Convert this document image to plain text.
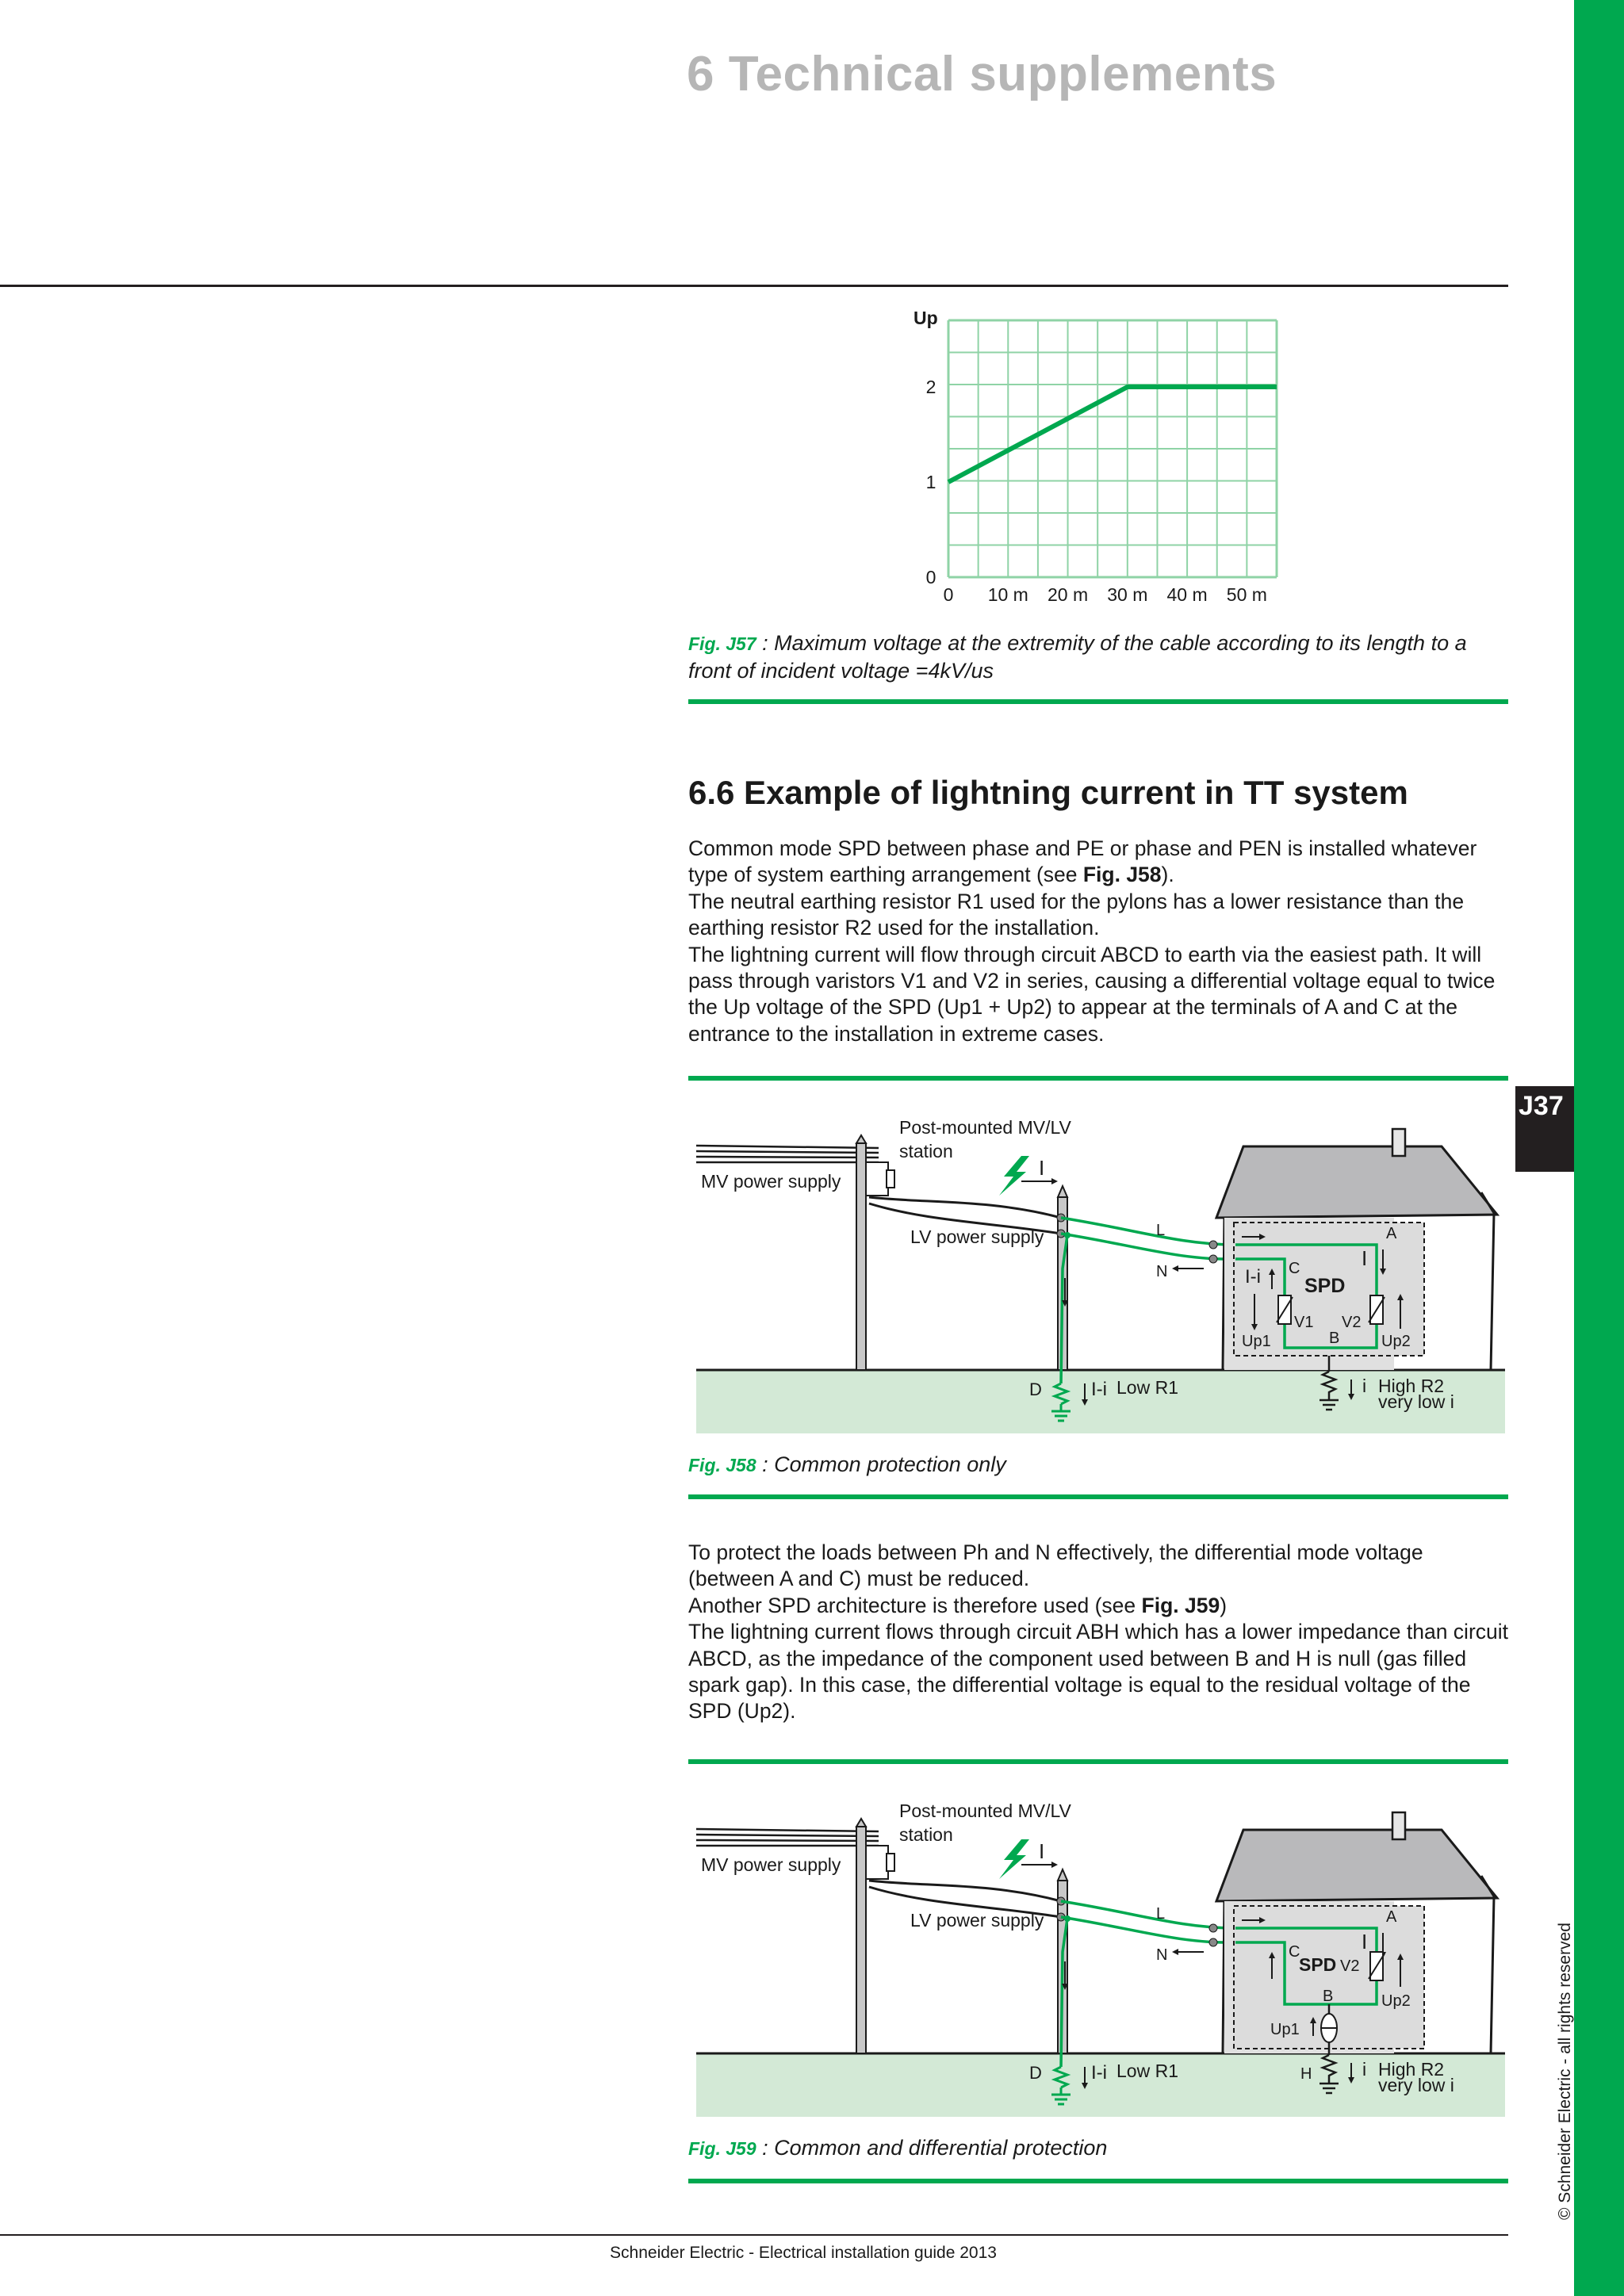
J37
6 Technical supplements
0 10 m 20 m 30 m 40 m 50 m
0
1
2
Up
Fig. J57 : Maximum voltage at the extremity of the cable according to its length to a front of incident voltage =4kV/us
6.6 Example of lightning current in TT system

Common mode SPD between phase and PE or phase and PEN is installed whatever type of system earthing arrangement (see Fig. J58).

The neutral earthing resistor R1 used for the pylons has a lower resistance than the earthing resistor R2 used for the installation.

The lightning current will flow through circuit ABCD to earth via the easiest path. It will pass through varistors V1 and V2 in series, causing a differential voltage equal to twice the Up voltage of the SPD (Up1 + Up2) to appear at the terminals of A and C at the entrance to the installation in extreme cases.

I
D	I-i Low R1
L
N
A
I
I-i C
SPD
V1 V2
Up1	Up2
B
i High R2
very low i
MV power supply
Post-mounted MV/LV
station
LV power supply
Fig. J58 : Common protection only

To protect the loads between Ph and N effectively, the differential mode voltage (between A and C) must be reduced.

Another SPD architecture is therefore used (see Fig. J59)

The lightning current flows through circuit ABH which has a lower impedance than circuit ABCD, as the impedance of the component used between B and H is null (gas filled spark gap). In this case, the differential voltage is equal to the residual voltage of the SPD (Up2).

I
D	I-i Low R1
L
N
A
I
C
SPD V2
Up2
B
Up1
H	i High R2
very low i
MV power supply
Post-mounted MV/LV
station
LV power supply
Fig. J59 : Common and differential protection
Schneider Electric - Electrical installation guide 2013
© Schneider Electric - all rights reserved
